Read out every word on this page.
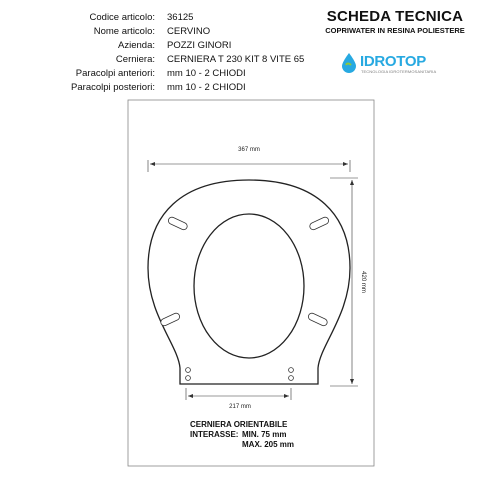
Codice articolo: 36125
Nome articolo: CERVINO
Azienda: POZZI GINORI
Cerniera: CERNIERA T 230 KIT 8 VITE 65
Paracolpi anteriori: mm 10 - 2 CHIODI
Paracolpi posteriori: mm 10 - 2 CHIODI
SCHEDA TECNICA
COPRIWATER IN RESINA POLIESTERE
IDROTOP
TECNOLOGIA IDROTERMOSANITARIA
367 mm
420 mm
217 mm
CERNIERA ORIENTABILE
INTERASSE: MIN. 75 mm
MAX. 205 mm
